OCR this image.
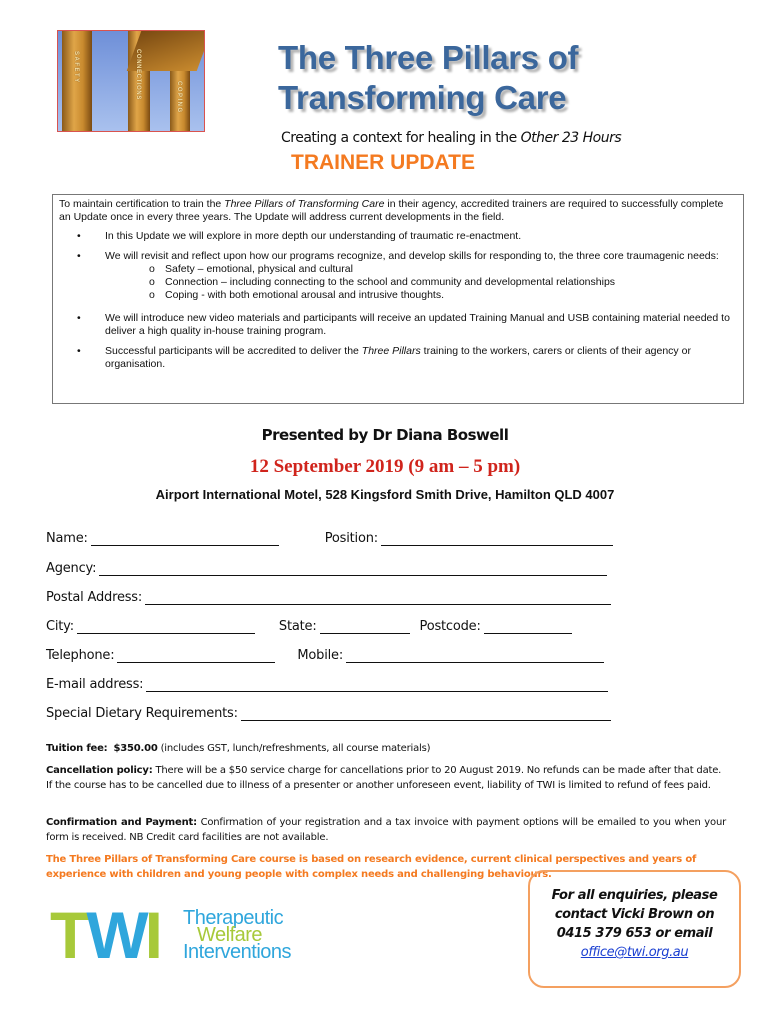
SAFETY	CONNECTIONS	COPING
The Three Pillars of
Transforming Care
Creating a context for healing in the Other 23 Hours
TRAINER UPDATE

To maintain certification to train the Three Pillars of Transforming Care in their agency, accredited trainers are required to successfully complete an Update once in every three years. The Update will address current developments in the field.

• In this Update we will explore in more depth our understanding of traumatic re-enactment.
• We will revisit and reflect upon how our programs recognize, and develop skills for responding to, the three core traumagenic needs:
o Safety – emotional, physical and cultural
o Connection – including connecting to the school and community and developmental relationships
o Coping - with both emotional arousal and intrusive thoughts.
• We will introduce new video materials and participants will receive an updated Training Manual and USB containing material needed to deliver a high quality in-house training program.
• Successful participants will be accredited to deliver the Three Pillars training to the workers, carers or clients of their agency or organisation.
Presented by Dr Diana Boswell
12 September 2019 (9 am – 5 pm)
Airport International Motel, 528 Kingsford Smith Drive, Hamilton QLD 4007
Name:	Position:
Agency:
Postal Address:
City:	State:	Postcode:
Telephone:	Mobile:
E-mail address:
Special Dietary Requirements:
Tuition fee: $350.00 (includes GST, lunch/refreshments, all course materials)
Cancellation policy: There will be a $50 service charge for cancellations prior to 20 August 2019. No refunds can be made after that date. If the course has to be cancelled due to illness of a presenter or another unforeseen event, liability of TWI is limited to refund of fees paid.
Confirmation and Payment: Confirmation of your registration and a tax invoice with payment options will be emailed to you when your form is received. NB Credit card facilities are not available.
The Three Pillars of Transforming Care course is based on research evidence, current clinical perspectives and years of experience with children and young people with complex needs and challenging behaviours.
TWI Therapeutic
Welfare
Interventions
For all enquiries, please
contact Vicki Brown on
0415 379 653 or email
office@twi.org.au
